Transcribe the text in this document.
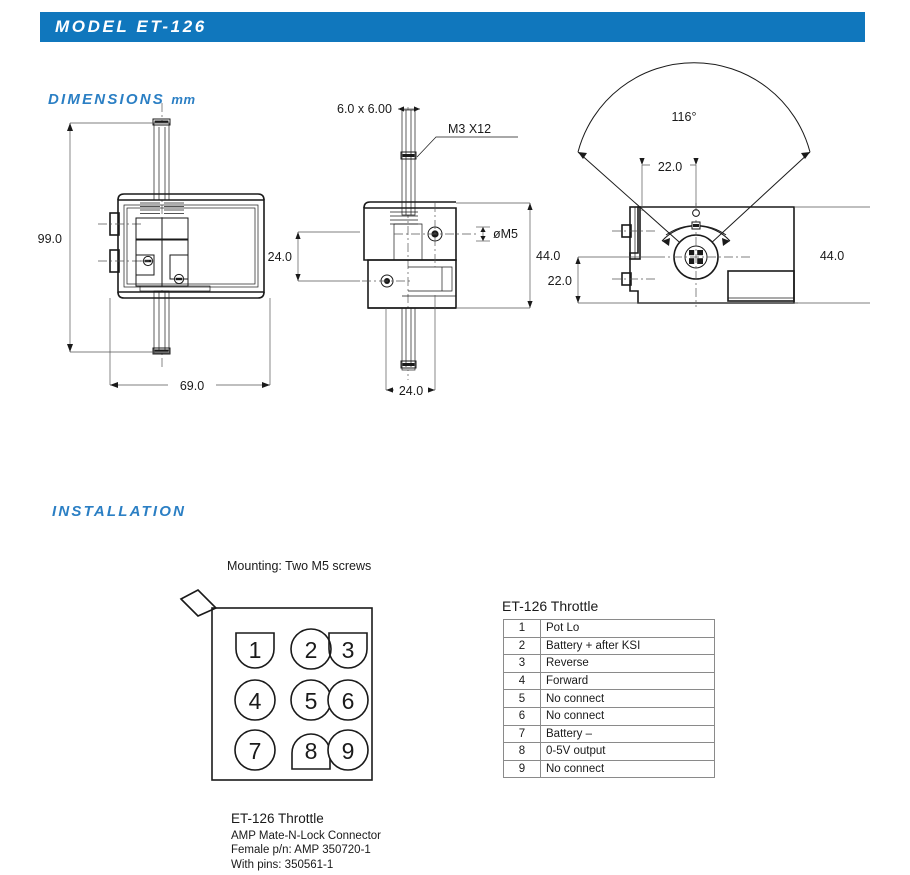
MODEL ET-126
DIMENSIONS mm
99.0
69.0
6.0 x 6.00
M3 X12
øM5
24.0	44.0
24.0
116°
22.0
22.0
44.0
INSTALLATION
Mounting: Two M5 screws
1 2 3
4 5 6
7 8 9
ET-126 Throttle
AMP Mate-N-Lock Connector
Female p/n: AMP 350720-1
With pins: 350561-1
ET-126 Throttle
1	Pot Lo
2	Battery + after KSI
3	Reverse
4	Forward
5	No connect
6	No connect
7	Battery –
8	0-5V output
9	No connect
